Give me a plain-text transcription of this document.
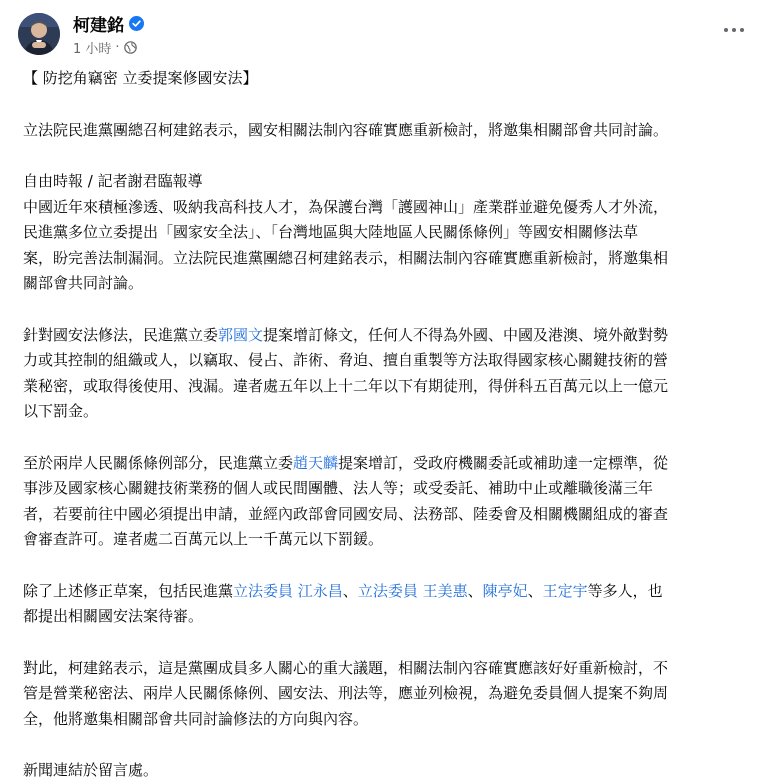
柯建銘
1 小時 ·

【 防挖角竊密 立委提案修國安法】

立法院民進黨團總召柯建銘表示，國安相關法制內容確實應重新檢討，將邀集相關部會共同討論。

自由時報 / 記者謝君臨報導

中國近年來積極滲透、吸納我高科技人才，為保護台灣「護國神山」產業群並避免優秀人才外流，

民進黨多位立委提出「國家安全法」、「台灣地區與大陸地區人民關係條例」等國安相關修法草

案，盼完善法制漏洞。立法院民進黨團總召柯建銘表示，相關法制內容確實應重新檢討，將邀集相

關部會共同討論。

針對國安法修法，民進黨立委郭國文提案增訂條文，任何人不得為外國、中國及港澳、境外敵對勢

力或其控制的組織或人，以竊取、侵占、詐術、脅迫、擅自重製等方法取得國家核心關鍵技術的營

業秘密，或取得後使用、洩漏。違者處五年以上十二年以下有期徒刑，得併科五百萬元以上一億元

以下罰金。

至於兩岸人民關係條例部分，民進黨立委趙天麟提案增訂，受政府機關委託或補助達一定標準，從

事涉及國家核心關鍵技術業務的個人或民間團體、法人等；或受委託、補助中止或離職後滿三年

者，若要前往中國必須提出申請，並經內政部會同國安局、法務部、陸委會及相關機關組成的審查

會審查許可。違者處二百萬元以上一千萬元以下罰鍰。

除了上述修正草案，包括民進黨立法委員 江永昌、立法委員 王美惠、陳亭妃、王定宇等多人，也

都提出相關國安法案待審。

對此，柯建銘表示，這是黨團成員多人關心的重大議題，相關法制內容確實應該好好重新檢討，不

管是營業秘密法、兩岸人民關係條例、國安法、刑法等，應並列檢視，為避免委員個人提案不夠周

全，他將邀集相關部會共同討論修法的方向與內容。

新聞連結於留言處。
